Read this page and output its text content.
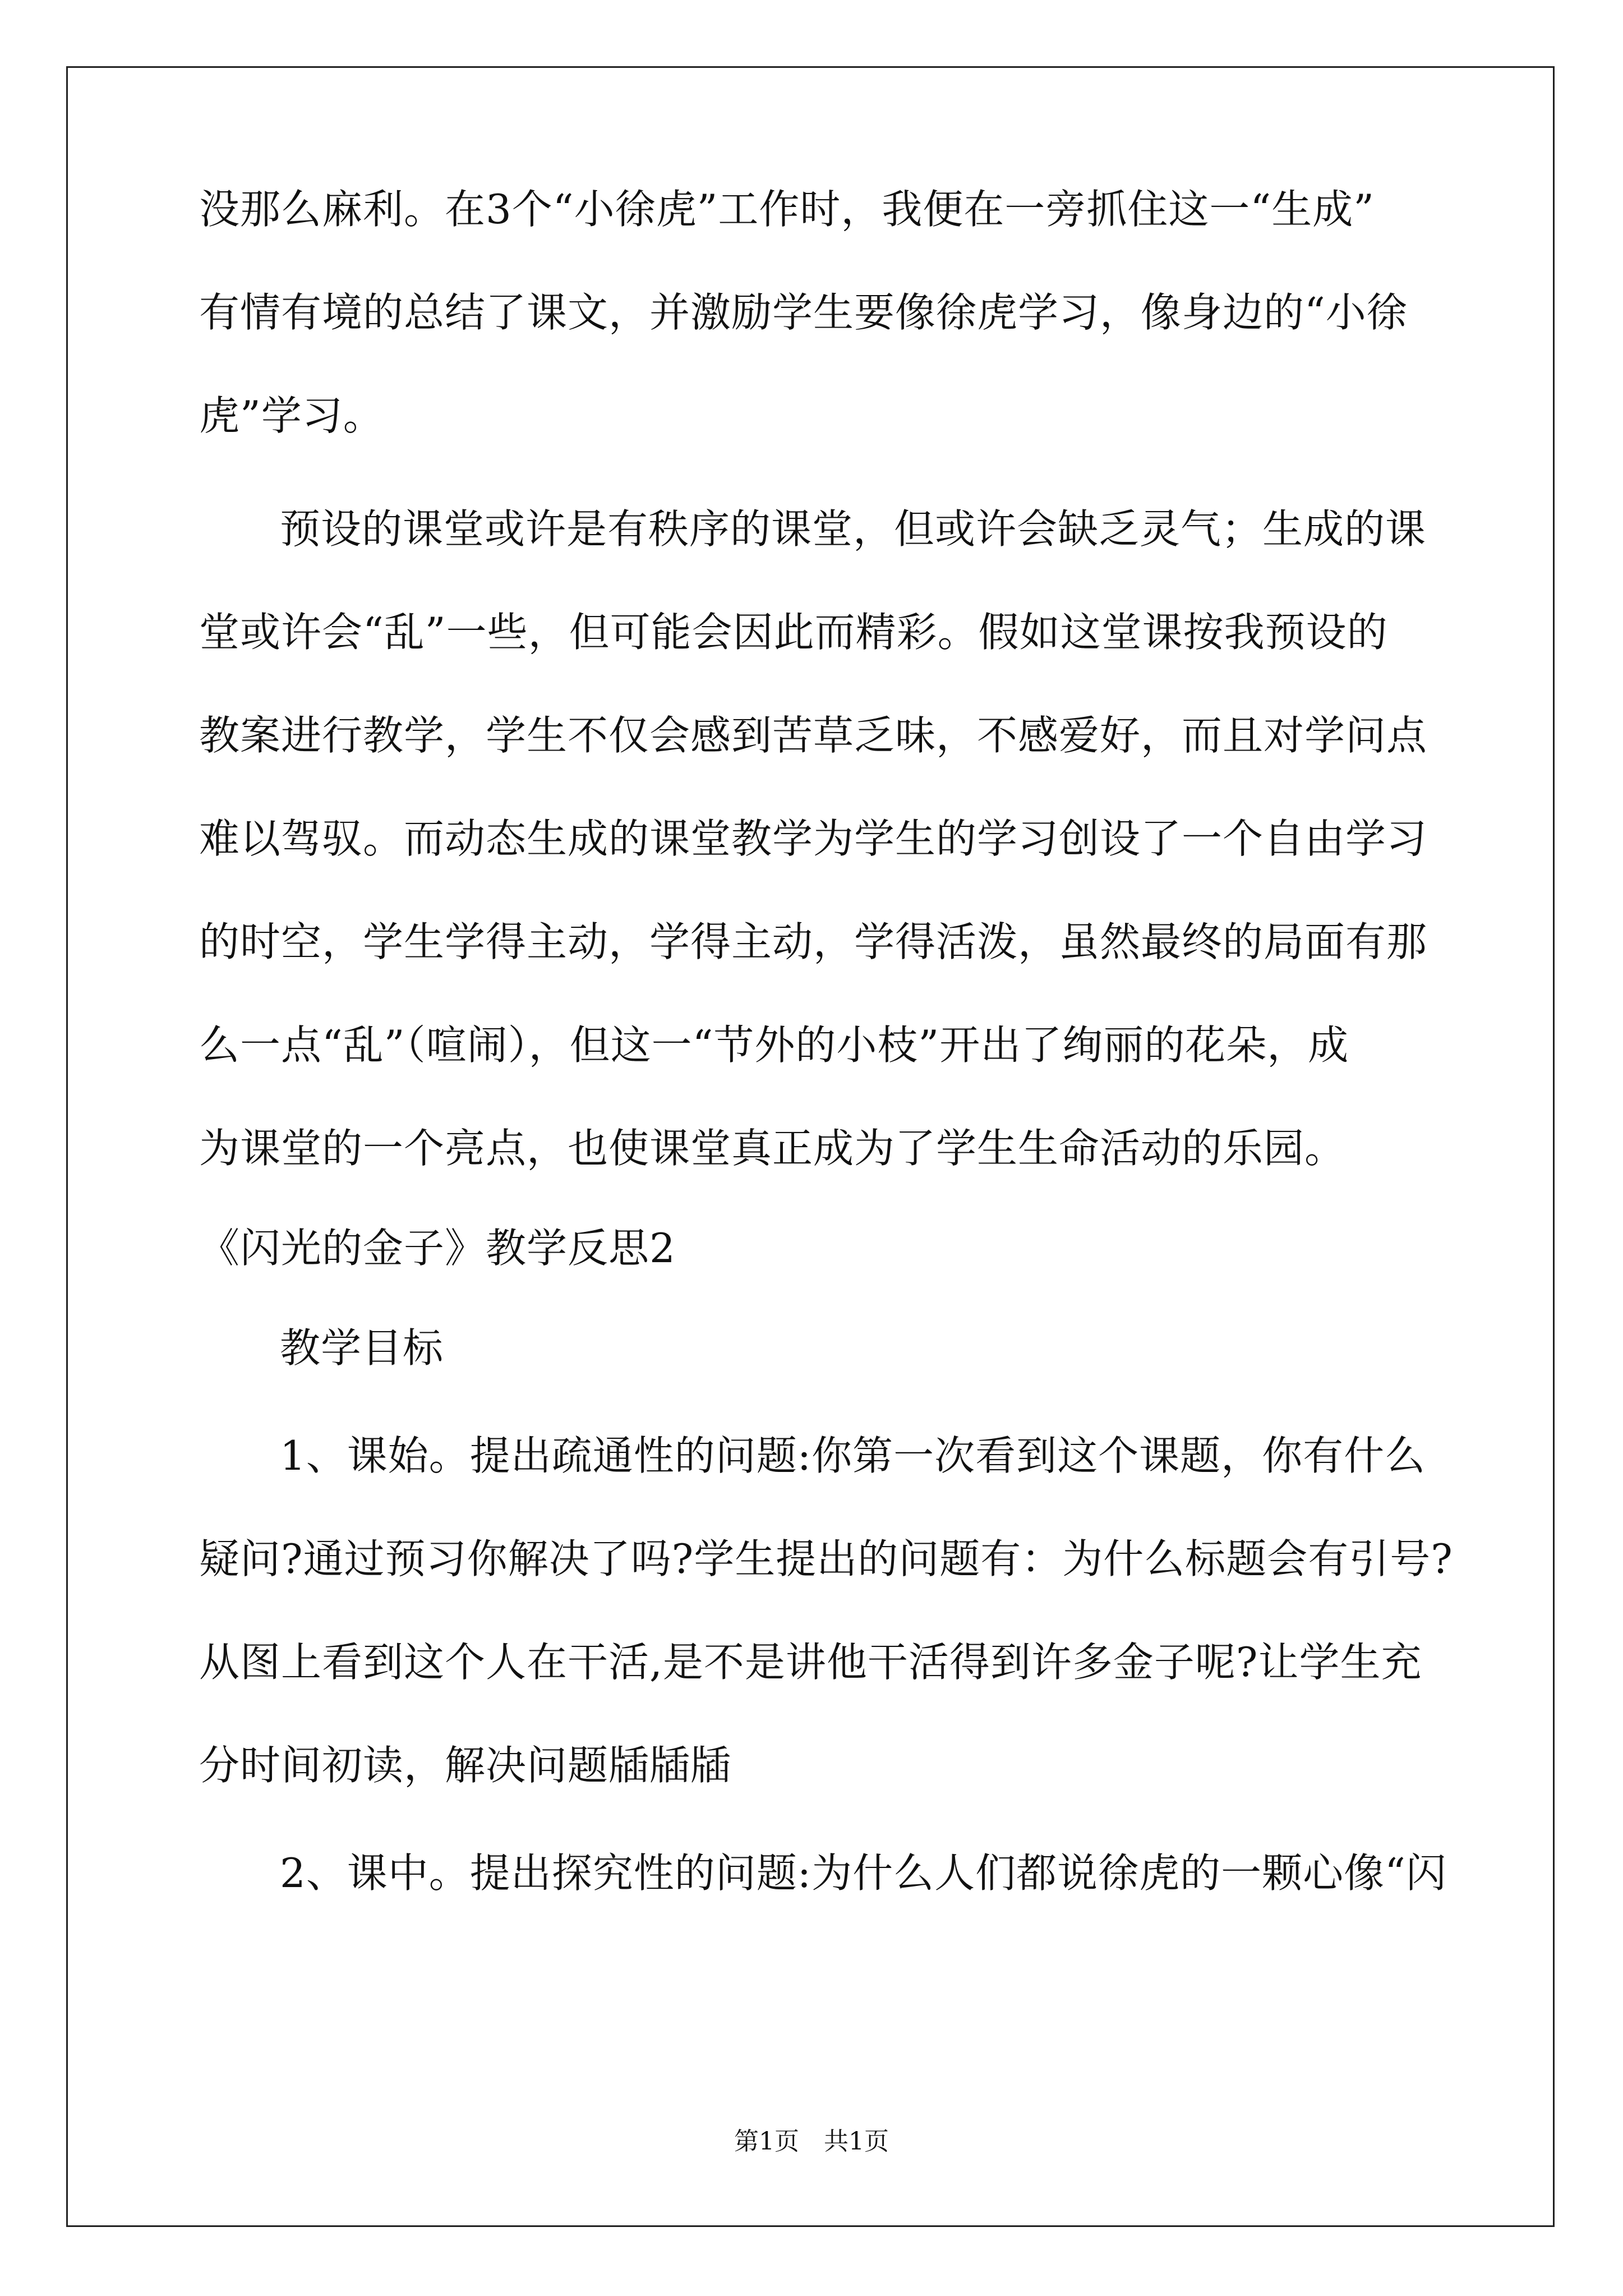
没那么麻利。在3个“小徐虎”工作时，我便在一旁抓住这一“生成”
有情有境的总结了课文，并激励学生要像徐虎学习，像身边的“小徐
虎”学习。
预设的课堂或许是有秩序的课堂，但或许会缺乏灵气；生成的课
堂或许会“乱”一些，但可能会因此而精彩。假如这堂课按我预设的
教案进行教学，学生不仅会感到苦草乏味，不感爱好，而且对学问点
难以驾驭。而动态生成的课堂教学为学生的学习创设了一个自由学习
的时空，学生学得主动，学得主动，学得活泼，虽然最终的局面有那
么一点“乱”（喧闹），但这一“节外的小枝”开出了绚丽的花朵，成
为课堂的一个亮点，也使课堂真正成为了学生生命活动的乐园。
《闪光的金子》教学反思2
教学目标
1、课始。提出疏通性的问题:你第一次看到这个课题，你有什么
疑问?通过预习你解决了吗?学生提出的问题有：为什么标题会有引号?
从图上看到这个人在干活,是不是讲他干活得到许多金子呢?让学生充
分时间初读，解决问题牐牐牐
2、课中。提出探究性的问题:为什么人们都说徐虎的一颗心像“闪
第1页　共1页
